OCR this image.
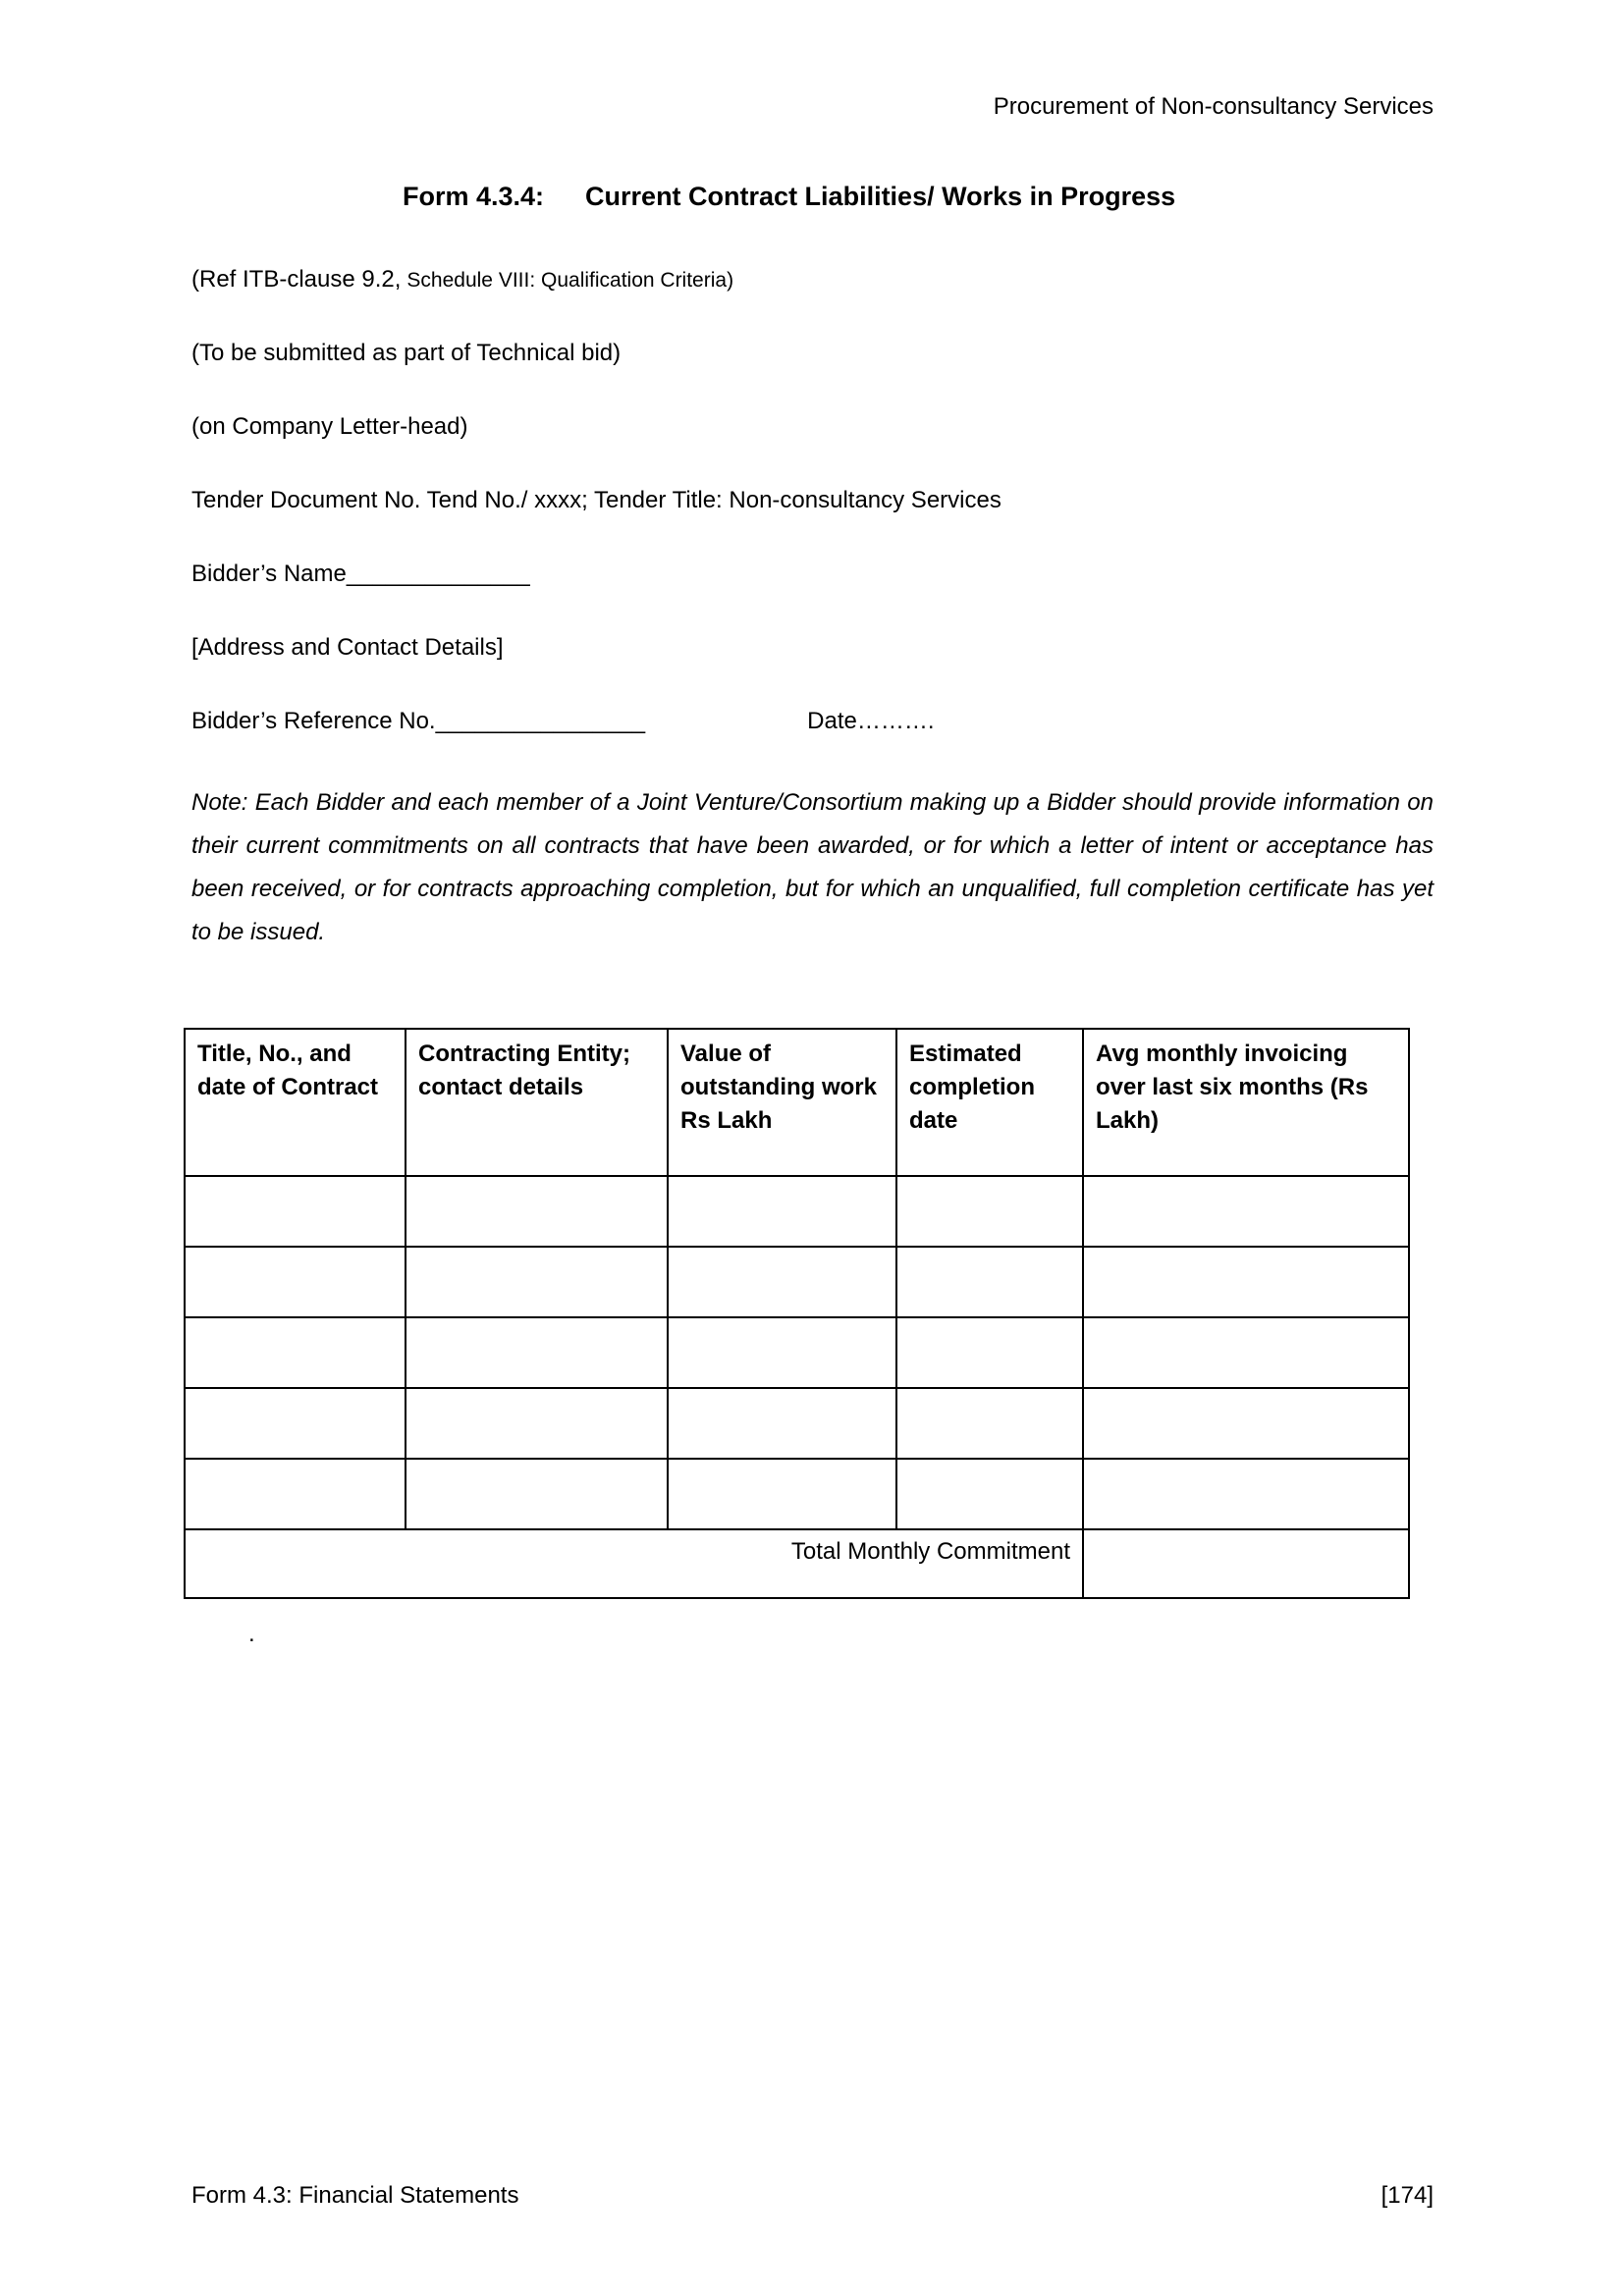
Procurement of Non-consultancy Services
Form 4.3.4: Current Contract Liabilities/ Works in Progress

(Ref ITB-clause 9.2, Schedule VIII: Qualification Criteria)

(To be submitted as part of Technical bid)

(on Company Letter-head)

Tender Document No. Tend No./ xxxx; Tender Title: Non-consultancy Services

Bidder’s Name______________

[Address and Contact Details]

Bidder’s Reference No.________________	Date……….

Note: Each Bidder and each member of a Joint Venture/Consortium making up a Bidder should provide information on their current commitments on all contracts that have been awarded, or for which a letter of intent or acceptance has been received, or for contracts approaching completion, but for which an unqualified, full completion certificate has yet to be issued.

Title, No., and date of Contract	Contracting Entity; contact details	Value of outstanding work Rs Lakh	Estimated completion date	Avg monthly invoicing over last six months (Rs Lakh)

Total Monthly Commitment				

.

Form 4.3: Financial Statements	[174]
